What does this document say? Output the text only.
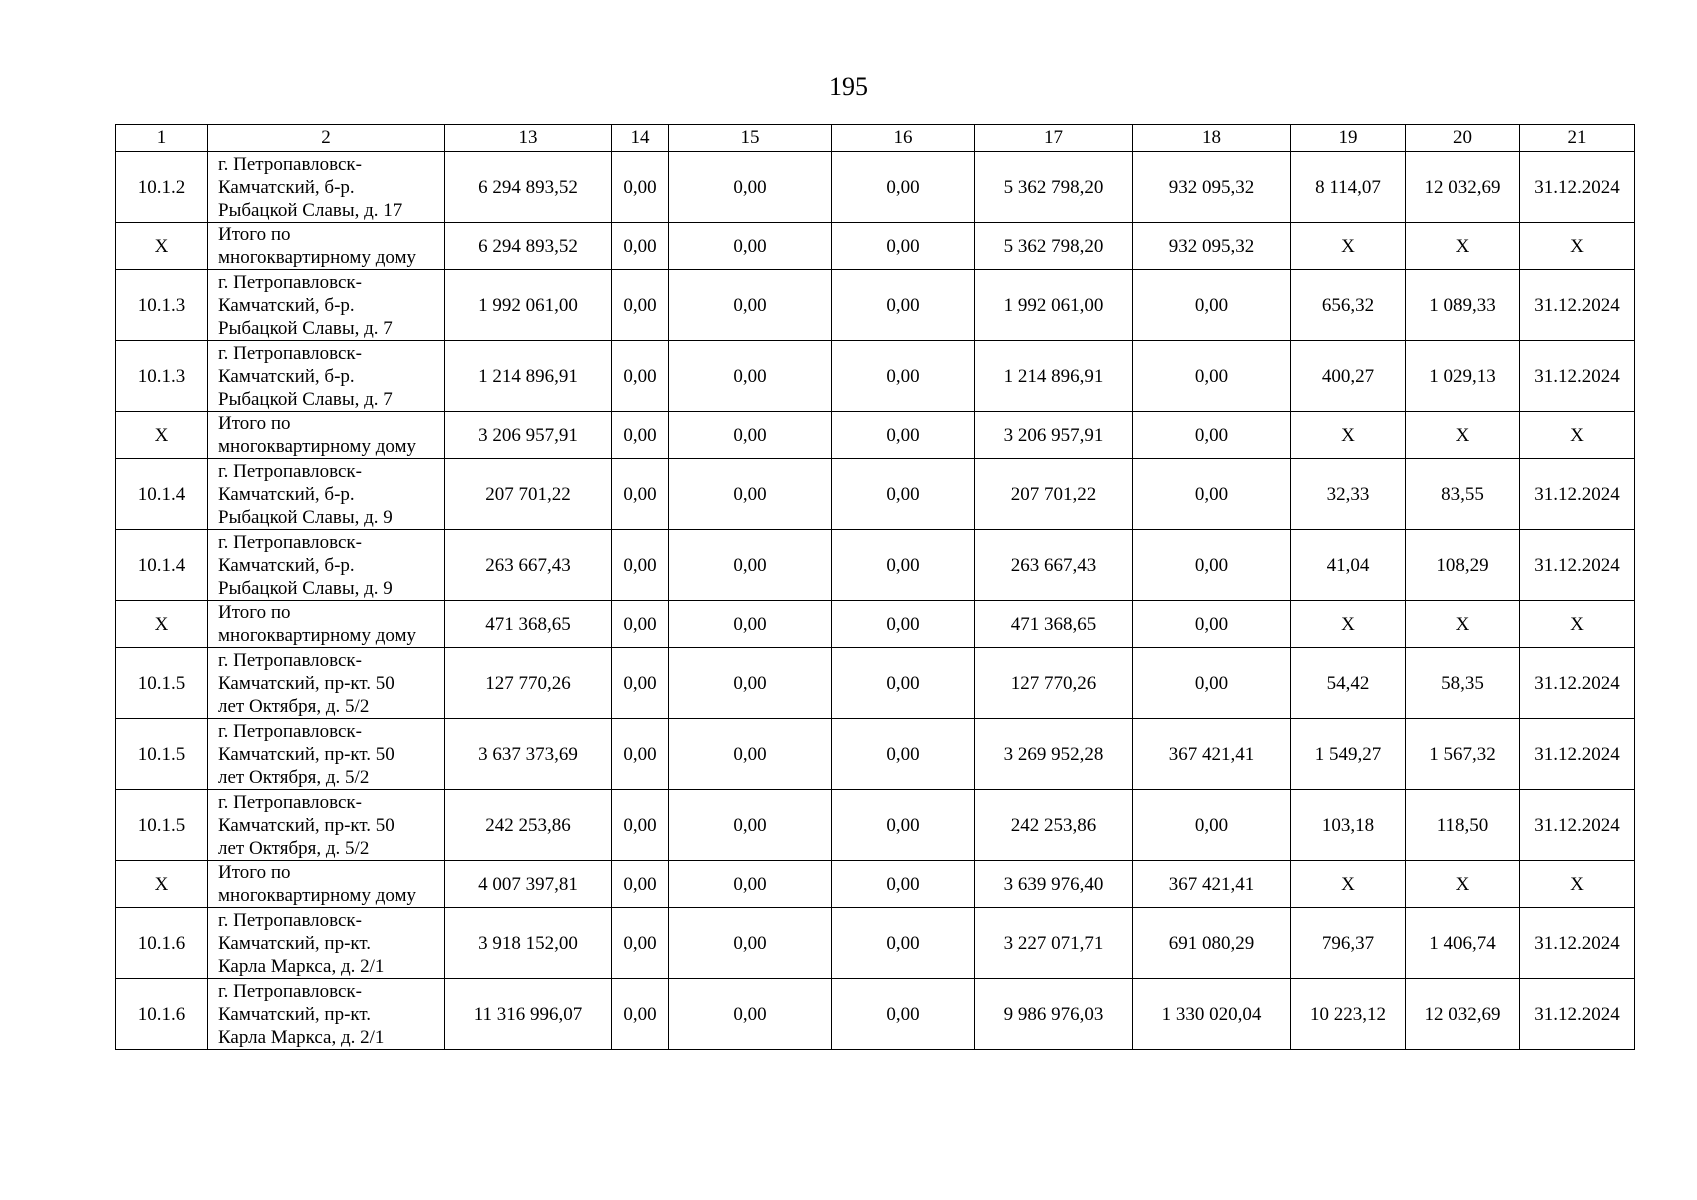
195
1	2	13	14	15	16	17	18	19	20	21
10.1.2	г. Петропавловск-
Камчатский, б-р.
Рыбацкой Славы, д. 17	6 294 893,52	0,00	0,00	0,00	5 362 798,20	932 095,32	8 114,07	12 032,69	31.12.2024
X	Итого по
многоквартирному дому	6 294 893,52	0,00	0,00	0,00	5 362 798,20	932 095,32	X	X	X
10.1.3	г. Петропавловск-
Камчатский, б-р.
Рыбацкой Славы, д. 7	1 992 061,00	0,00	0,00	0,00	1 992 061,00	0,00	656,32	1 089,33	31.12.2024
10.1.3	г. Петропавловск-
Камчатский, б-р.
Рыбацкой Славы, д. 7	1 214 896,91	0,00	0,00	0,00	1 214 896,91	0,00	400,27	1 029,13	31.12.2024
X	Итого по
многоквартирному дому	3 206 957,91	0,00	0,00	0,00	3 206 957,91	0,00	X	X	X
10.1.4	г. Петропавловск-
Камчатский, б-р.
Рыбацкой Славы, д. 9	207 701,22	0,00	0,00	0,00	207 701,22	0,00	32,33	83,55	31.12.2024
10.1.4	г. Петропавловск-
Камчатский, б-р.
Рыбацкой Славы, д. 9	263 667,43	0,00	0,00	0,00	263 667,43	0,00	41,04	108,29	31.12.2024
X	Итого по
многоквартирному дому	471 368,65	0,00	0,00	0,00	471 368,65	0,00	X	X	X
10.1.5	г. Петропавловск-
Камчатский, пр-кт. 50
лет Октября, д. 5/2	127 770,26	0,00	0,00	0,00	127 770,26	0,00	54,42	58,35	31.12.2024
10.1.5	г. Петропавловск-
Камчатский, пр-кт. 50
лет Октября, д. 5/2	3 637 373,69	0,00	0,00	0,00	3 269 952,28	367 421,41	1 549,27	1 567,32	31.12.2024
10.1.5	г. Петропавловск-
Камчатский, пр-кт. 50
лет Октября, д. 5/2	242 253,86	0,00	0,00	0,00	242 253,86	0,00	103,18	118,50	31.12.2024
X	Итого по
многоквартирному дому	4 007 397,81	0,00	0,00	0,00	3 639 976,40	367 421,41	X	X	X
10.1.6	г. Петропавловск-
Камчатский, пр-кт.
Карла Маркса, д. 2/1	3 918 152,00	0,00	0,00	0,00	3 227 071,71	691 080,29	796,37	1 406,74	31.12.2024
10.1.6	г. Петропавловск-
Камчатский, пр-кт.
Карла Маркса, д. 2/1	11 316 996,07	0,00	0,00	0,00	9 986 976,03	1 330 020,04	10 223,12	12 032,69	31.12.2024
